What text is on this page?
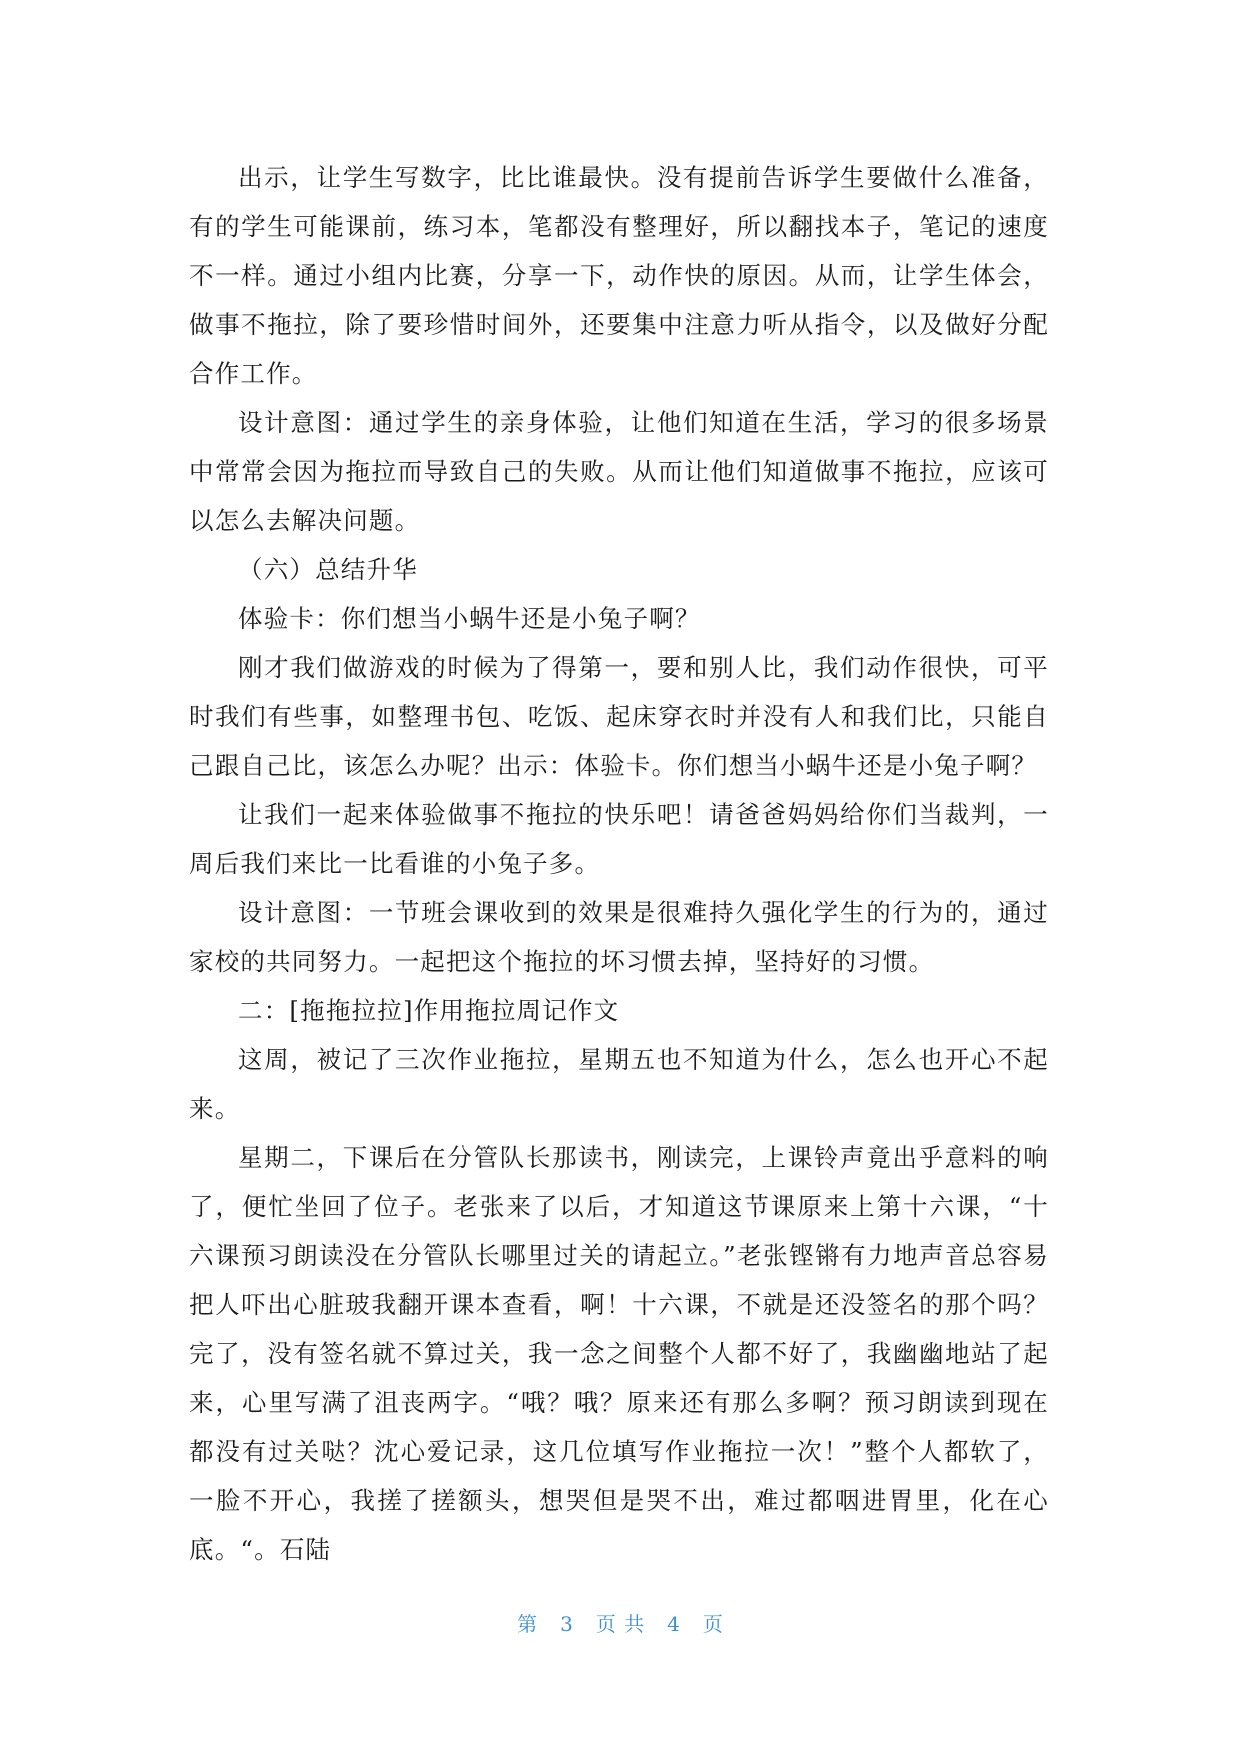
出示，让学生写数字，比比谁最快。没有提前告诉学生要做什么准备，有的学生可能课前，练习本，笔都没有整理好，所以翻找本子，笔记的速度不一样。通过小组内比赛，分享一下，动作快的原因。从而，让学生体会，做事不拖拉，除了要珍惜时间外，还要集中注意力听从指令，以及做好分配合作工作。

设计意图：通过学生的亲身体验，让他们知道在生活，学习的很多场景中常常会因为拖拉而导致自己的失败。从而让他们知道做事不拖拉，应该可以怎么去解决问题。

（六）总结升华

体验卡：你们想当小蜗牛还是小兔子啊？

刚才我们做游戏的时候为了得第一，要和别人比，我们动作很快，可平时我们有些事，如整理书包、吃饭、起床穿衣时并没有人和我们比，只能自己跟自己比，该怎么办呢？出示：体验卡。你们想当小蜗牛还是小兔子啊？

让我们一起来体验做事不拖拉的快乐吧！请爸爸妈妈给你们当裁判，一周后我们来比一比看谁的小兔子多。

设计意图：一节班会课收到的效果是很难持久强化学生的行为的，通过家校的共同努力。一起把这个拖拉的坏习惯去掉，坚持好的习惯。

二：[拖拖拉拉]作用拖拉周记作文

这周，被记了三次作业拖拉，星期五也不知道为什么，怎么也开心不起来。

星期二，下课后在分管队长那读书，刚读完，上课铃声竟出乎意料的响了，便忙坐回了位子。老张来了以后，才知道这节课原来上第十六课，“十六课预习朗读没在分管队长哪里过关的请起立。”老张铿锵有力地声音总容易把人吓出心脏玻我翻开课本查看，啊！十六课，不就是还没签名的那个吗？完了，没有签名就不算过关，我一念之间整个人都不好了，我幽幽地站了起来，心里写满了沮丧两字。“哦？哦？原来还有那么多啊？预习朗读到现在都没有过关哒？沈心爱记录，这几位填写作业拖拉一次！”整个人都软了，一脸不开心，我搓了搓额头，想哭但是哭不出，难过都咽进胃里，化在心底。“。石陆

第 3 页 共 4 页
